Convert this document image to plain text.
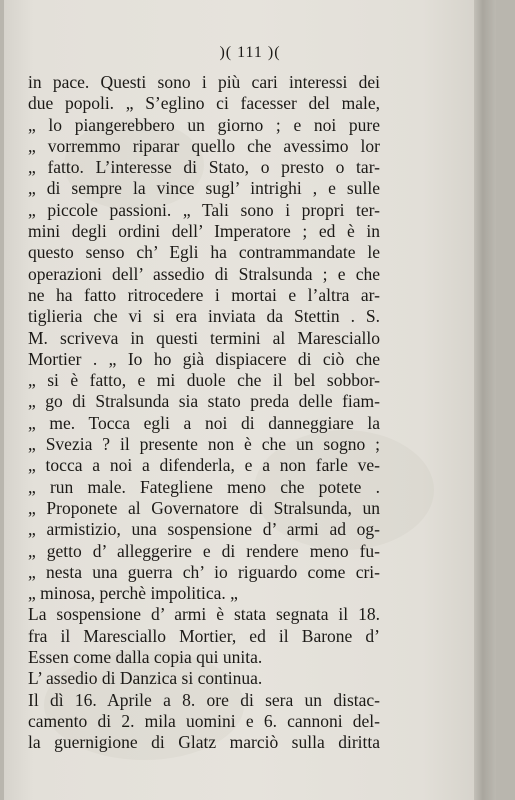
)( 111 )(
in pace. Questi sono i più cari interessi dei
due popoli. „ S’eglino ci facesser del male,
„ lo piangerebbero un giorno ; e noi pure
„ vorremmo riparar quello che avessimo lor
„ fatto. L’interesse di Stato, o presto o tar-
„ di sempre la vince sugl’ intrighi , e sulle
„ piccole passioni. „ Tali sono i propri ter-
mini degli ordini dell’ Imperatore ; ed è in
questo senso ch’ Egli ha contrammandate le
operazioni dell’ assedio di Stralsunda ; e che
ne ha fatto ritrocedere i mortai e l’altra ar-
tiglieria che vi si era inviata da Stettin . S.
M. scriveva in questi termini al Maresciallo
Mortier . „ Io ho già dispiacere di ciò che
„ si è fatto, e mi duole che il bel sobbor-
„ go di Stralsunda sia stato preda delle fiam-
„ me. Tocca egli a noi di danneggiare la
„ Svezia ? il presente non è che un sogno ;
„ tocca a noi a difenderla, e a non farle ve-
„ run male. Fategliene meno che potete .
„ Proponete al Governatore di Stralsunda, un
„ armistizio, una sospensione d’ armi ad og-
„ getto d’ alleggerire e di rendere meno fu-
„ nesta una guerra ch’ io riguardo come cri-
„ minosa, perchè impolitica. „
La sospensione d’ armi è stata segnata il 18.
fra il Maresciallo Mortier, ed il Barone d’
Essen come dalla copia qui unita.
L’ assedio di Danzica si continua.
Il dì 16. Aprile a 8. ore di sera un distac-
camento di 2. mila uomini e 6. cannoni del-
la guernigione di Glatz marciò sulla diritta
